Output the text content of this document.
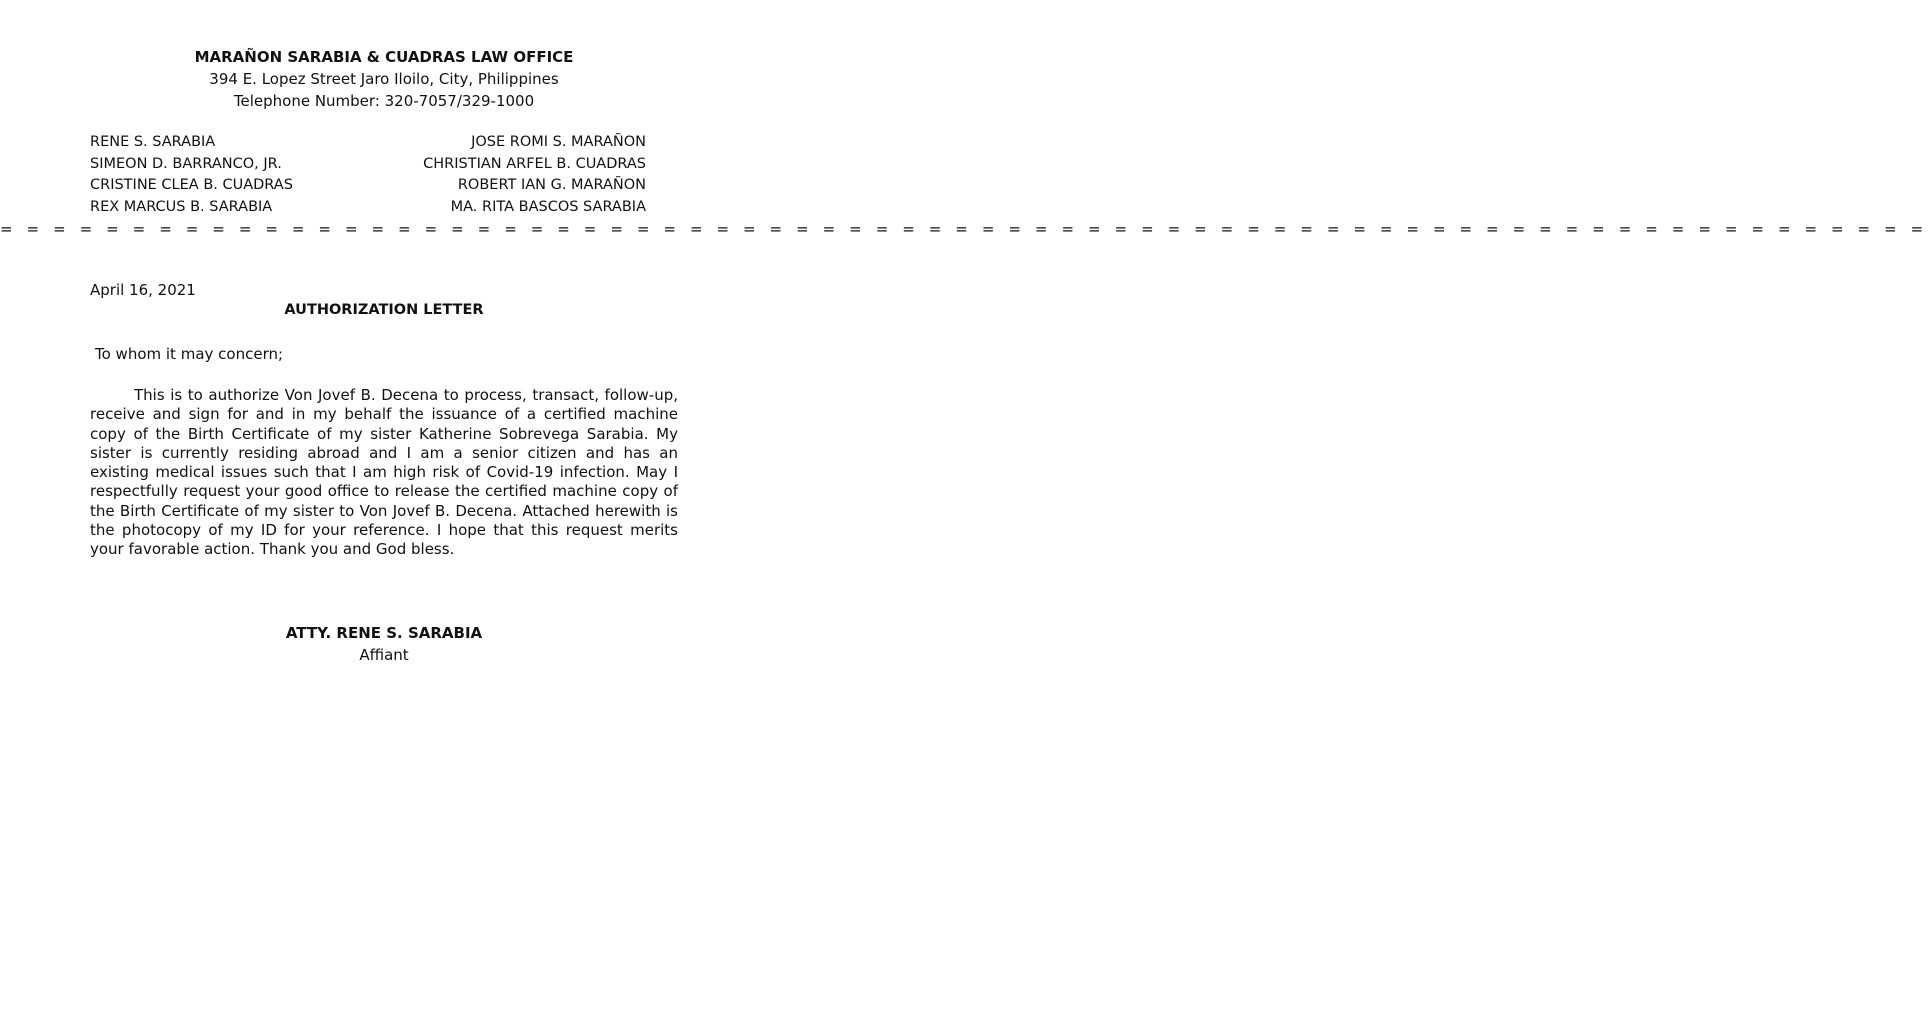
MARAÑON SARABIA & CUADRAS LAW OFFICE
394 E. Lopez Street Jaro Iloilo, City, Philippines
Telephone Number: 320-7057/329-1000
RENE S. SARABIA	JOSE ROMI S. MARAÑON
SIMEON D. BARRANCO, JR.	CHRISTIAN ARFEL B. CUADRAS
CRISTINE CLEA B. CUADRAS	ROBERT IAN G. MARAÑON
REX MARCUS B. SARABIA	MA. RITA BASCOS SARABIA
= = = = = = = = = = = = = = = = = = = = = = = = = = = = = = = = = = = = = = = = = = = = = = = = = = = = = = = = = = = = = = = = = = = = = = = = =
April 16, 2021
AUTHORIZATION LETTER
To whom it may concern;
This is to authorize Von Jovef B. Decena to process, transact, follow-up, receive and sign for and in my behalf the issuance of a certified machine copy of the Birth Certificate of my sister Katherine Sobrevega Sarabia. My sister is currently residing abroad and I am a senior citizen and has an existing medical issues such that I am high risk of Covid-19 infection. May I respectfully request your good office to release the certified machine copy of the Birth Certificate of my sister to Von Jovef B. Decena. Attached herewith is the photocopy of my ID for your reference. I hope that this request merits your favorable action. Thank you and God bless.
ATTY. RENE S. SARABIA
Affiant
